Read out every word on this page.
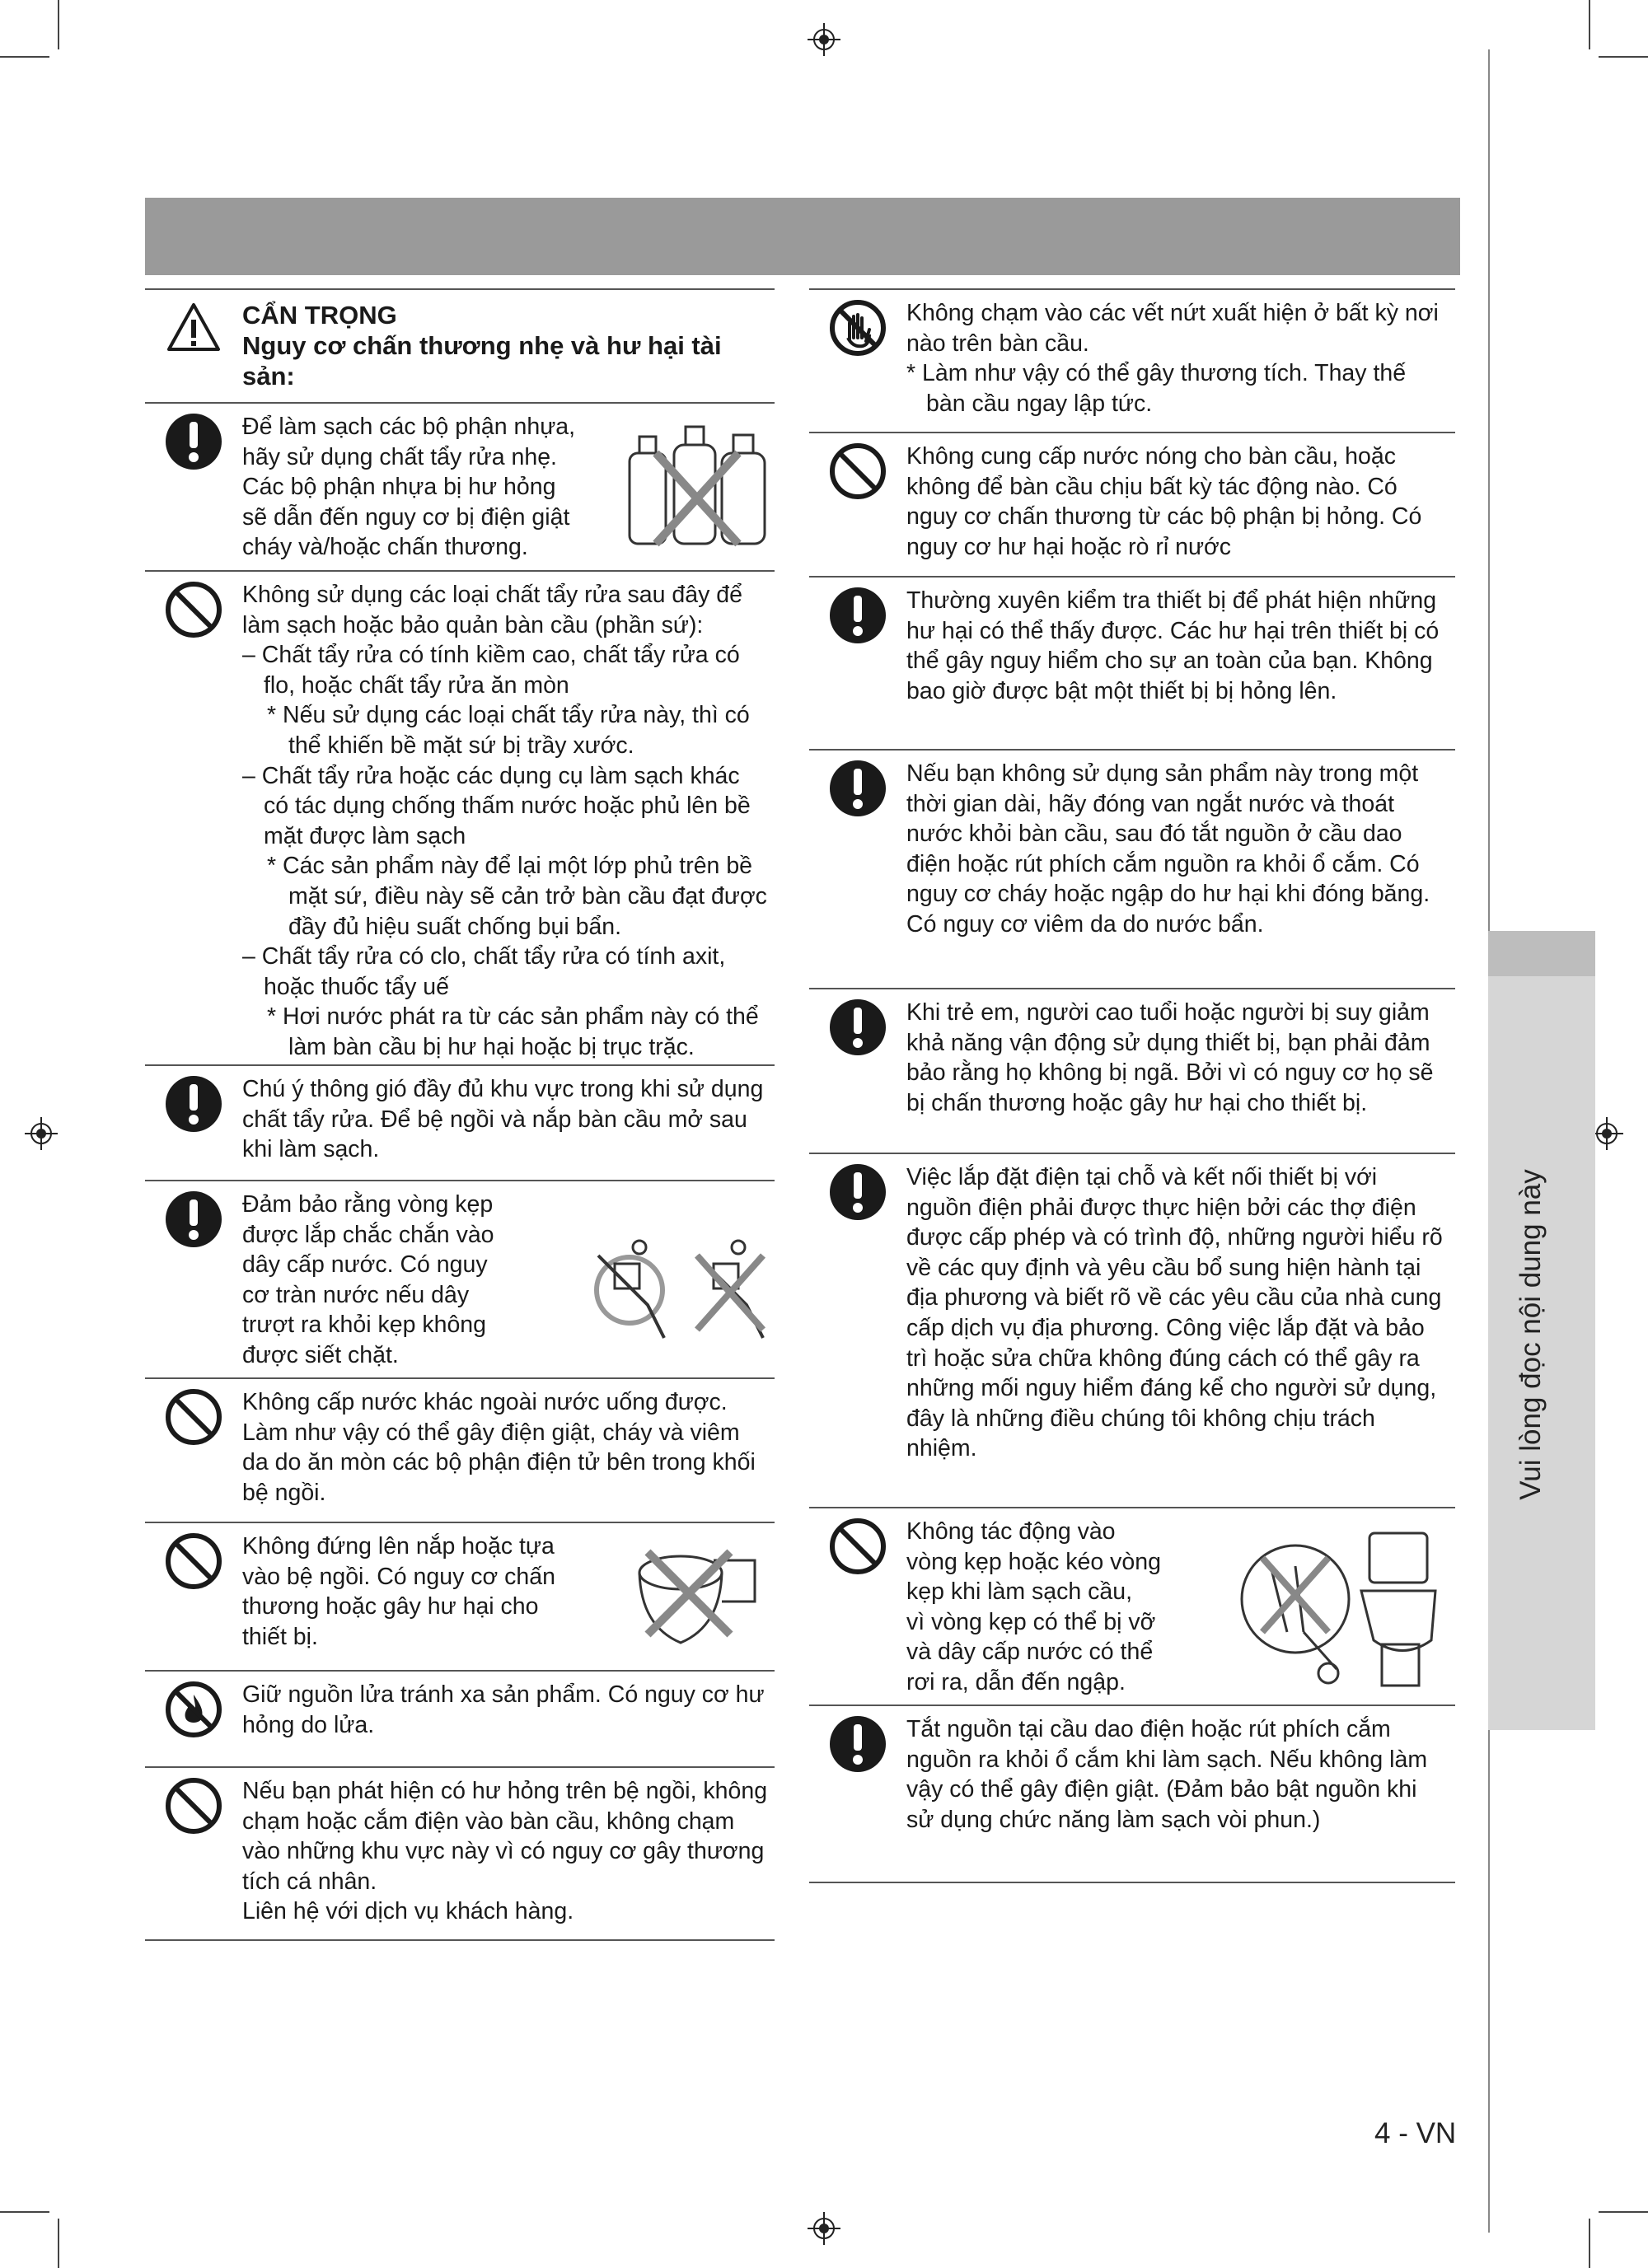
CẨN TRỌNG

Nguy cơ chấn thương nhẹ và hư hại tài sản:

Để làm sạch các bộ phận nhựa,

hãy sử dụng chất tẩy rửa nhẹ.

Các bộ phận nhựa bị hư hỏng

sẽ dẫn đến nguy cơ bị điện giật

cháy và/hoặc chấn thương.

Không sử dụng các loại chất tẩy rửa sau đây để làm sạch hoặc bảo quản bàn cầu (phần sứ):

– Chất tẩy rửa có tính kiềm cao, chất tẩy rửa có flo, hoặc chất tẩy rửa ăn mòn

* Nếu sử dụng các loại chất tẩy rửa này, thì có thể khiến bề mặt sứ bị trầy xước.

– Chất tẩy rửa hoặc các dụng cụ làm sạch khác có tác dụng chống thấm nước hoặc phủ lên bề mặt được làm sạch

* Các sản phẩm này để lại một lớp phủ trên bề mặt sứ, điều này sẽ cản trở bàn cầu đạt được đầy đủ hiệu suất chống bụi bẩn.

– Chất tẩy rửa có clo, chất tẩy rửa có tính axit, hoặc thuốc tẩy uế

* Hơi nước phát ra từ các sản phẩm này có thể làm bàn cầu bị hư hại hoặc bị trục trặc.

Chú ý thông gió đầy đủ khu vực trong khi sử dụng chất tẩy rửa. Để bệ ngồi và nắp bàn cầu mở sau khi làm sạch.

Đảm bảo rằng vòng kẹp

được lắp chắc chắn vào

dây cấp nước. Có nguy

cơ tràn nước nếu dây

trượt ra khỏi kẹp không

được siết chặt.

Không cấp nước khác ngoài nước uống được. Làm như vậy có thể gây điện giật, cháy và viêm da do ăn mòn các bộ phận điện tử bên trong khối bệ ngồi.

Không đứng lên nắp hoặc tựa

vào bệ ngồi. Có nguy cơ chấn

thương hoặc gây hư hại cho

thiết bị.

Giữ nguồn lửa tránh xa sản phẩm. Có nguy cơ hư hỏng do lửa.

Nếu bạn phát hiện có hư hỏng trên bệ ngồi, không chạm hoặc cắm điện vào bàn cầu, không chạm vào những khu vực này vì có nguy cơ gây thương tích cá nhân.

Liên hệ với dịch vụ khách hàng.

Không chạm vào các vết nứt xuất hiện ở bất kỳ nơi nào trên bàn cầu.

* Làm như vậy có thể gây thương tích. Thay thế bàn cầu ngay lập tức.

Không cung cấp nước nóng cho bàn cầu, hoặc không để bàn cầu chịu bất kỳ tác động nào. Có nguy cơ chấn thương từ các bộ phận bị hỏng. Có nguy cơ hư hại hoặc rò rỉ nước

Thường xuyên kiểm tra thiết bị để phát hiện những hư hại có thể thấy được. Các hư hại trên thiết bị có thể gây nguy hiểm cho sự an toàn của bạn. Không bao giờ được bật một thiết bị bị hỏng lên.

Nếu bạn không sử dụng sản phẩm này trong một thời gian dài, hãy đóng van ngắt nước và thoát nước khỏi bàn cầu, sau đó tắt nguồn ở cầu dao điện hoặc rút phích cắm nguồn ra khỏi ổ cắm. Có nguy cơ cháy hoặc ngập do hư hại khi đóng băng. Có nguy cơ viêm da do nước bẩn.

Khi trẻ em, người cao tuổi hoặc người bị suy giảm khả năng vận động sử dụng thiết bị, bạn phải đảm bảo rằng họ không bị ngã. Bởi vì có nguy cơ họ sẽ bị chấn thương hoặc gây hư hại cho thiết bị.

Việc lắp đặt điện tại chỗ và kết nối thiết bị với nguồn điện phải được thực hiện bởi các thợ điện được cấp phép và có trình độ, những người hiểu rõ về các quy định và yêu cầu bổ sung hiện hành tại địa phương và biết rõ về các yêu cầu của nhà cung cấp dịch vụ địa phương. Công việc lắp đặt và bảo trì hoặc sửa chữa không đúng cách có thể gây ra những mối nguy hiểm đáng kể cho người sử dụng, đây là những điều chúng tôi không chịu trách nhiệm.

Không tác động vào

vòng kẹp hoặc kéo vòng

kẹp khi làm sạch cầu,

vì vòng kẹp có thể bị vỡ

và dây cấp nước có thể

rơi ra, dẫn đến ngập.

Tắt nguồn tại cầu dao điện hoặc rút phích cắm nguồn ra khỏi ổ cắm khi làm sạch. Nếu không làm vậy có thể gây điện giật. (Đảm bảo bật nguồn khi sử dụng chức năng làm sạch vòi phun.)

Vui lòng đọc nội dung này
4 - VN
